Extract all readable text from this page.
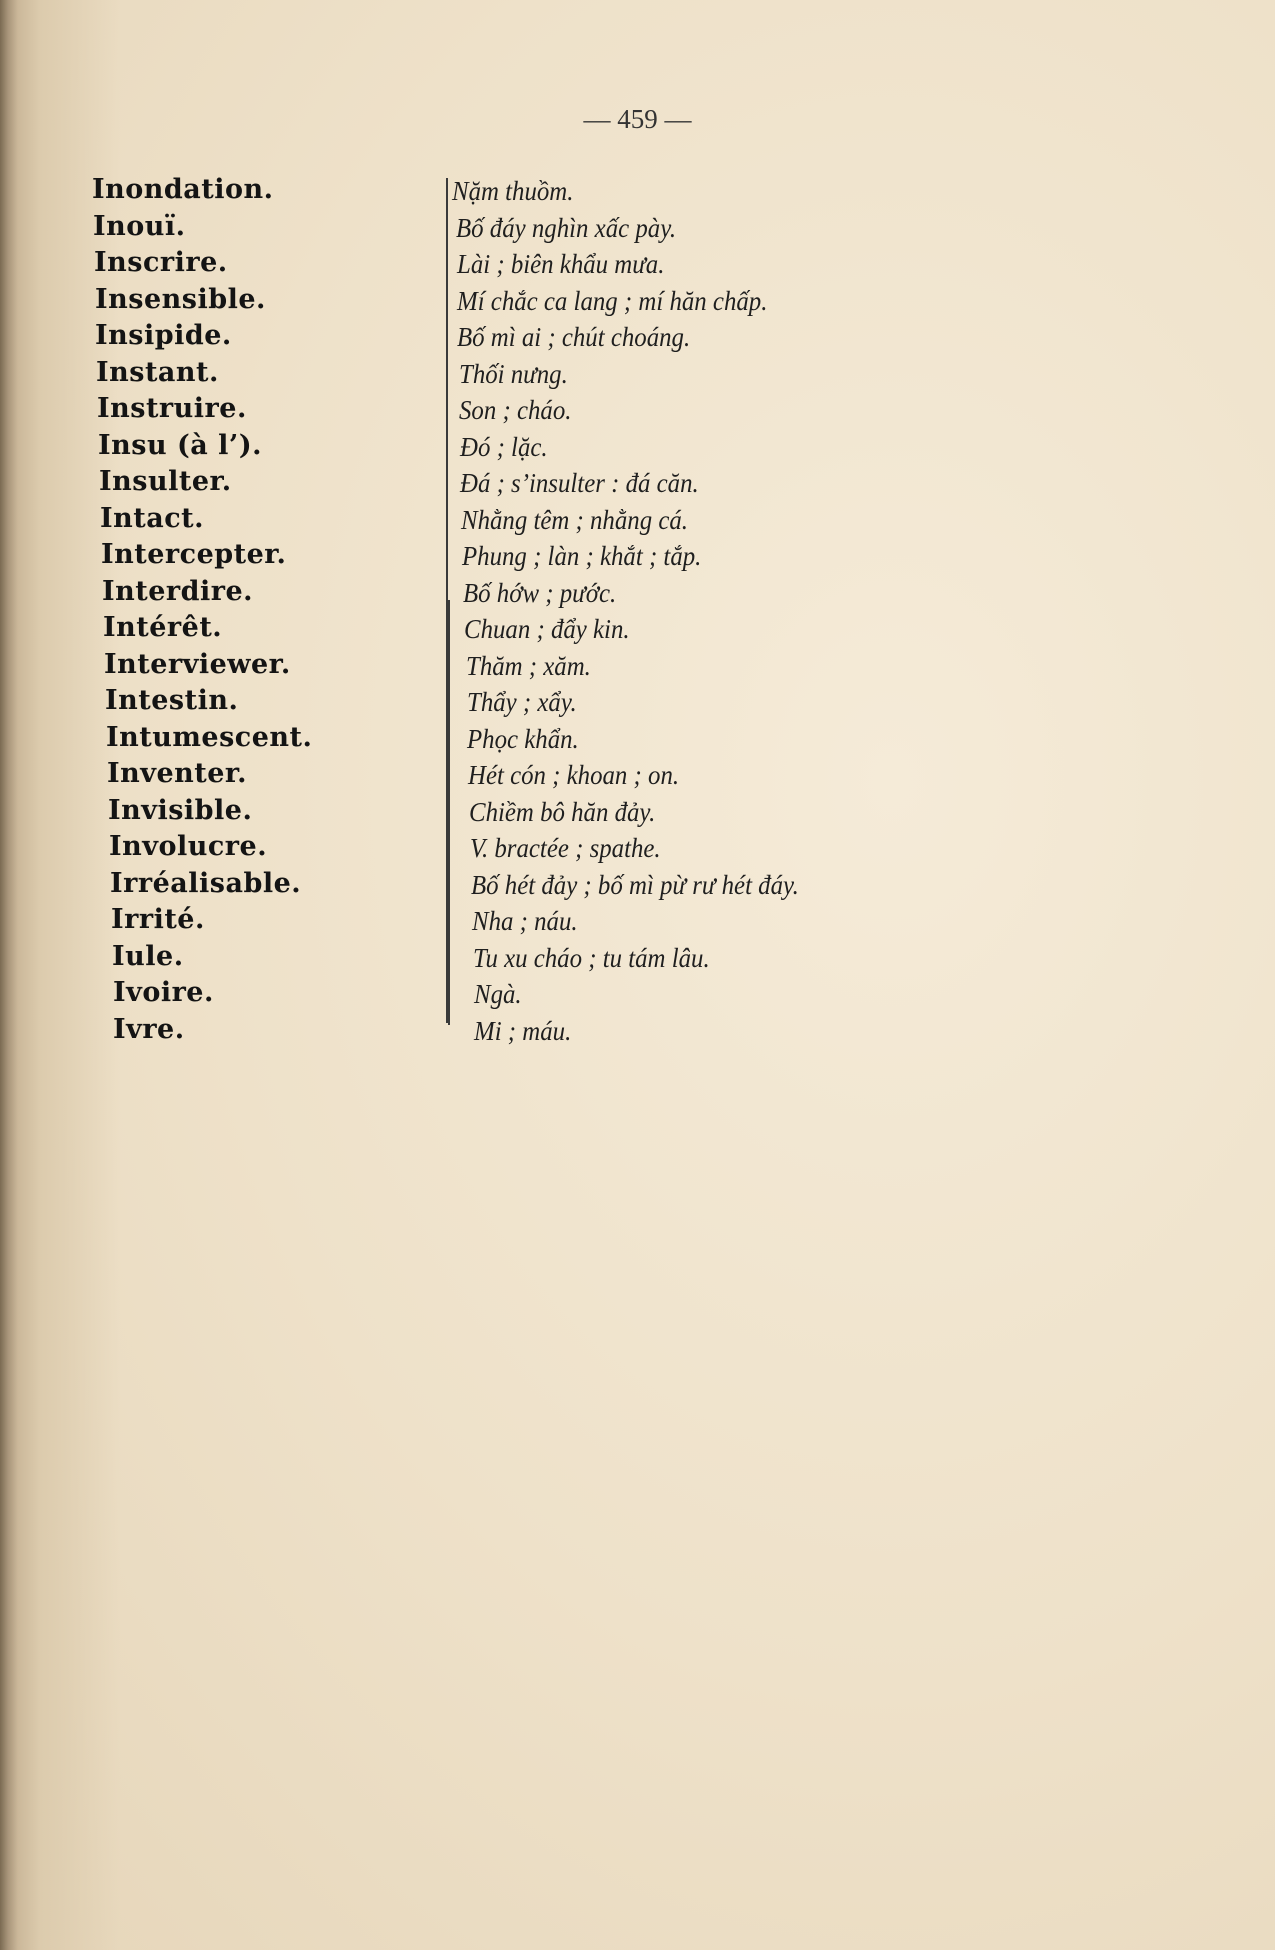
— 459 —
Inondation.	Nặm thuồm.
Inouï.	Bố đáy nghìn xấc pày.
Inscrire.	Lài ; biên khẩu mưa.
Insensible.	Mí chắc ca lang ; mí hăn chấp.
Insipide.	Bố mì ai ; chút choáng.
Instant.	Thối nưng.
Instruire.	Son ; cháo.
Insu (à l’).	Đó ; lặc.
Insulter.	Đá ; s’insulter : đá căn.
Intact.	Nhằng têm ; nhằng cá.
Intercepter.	Phung ; làn ; khắt ; tắp.
Interdire.	Bố hớw ; pước.
Intérêt.	Chuan ; đẩy kin.
Interviewer.	Thăm ; xăm.
Intestin.	Thẩy ; xẩy.
Intumescent.	Phọc khẩn.
Inventer.	Hét cón ; khoan ; on.
Invisible.	Chiềm bô hăn đảy.
Involucre.	V. bractée ; spathe.
Irréalisable.	Bố hét đảy ; bố mì pừ rư hét đáy.
Irrité.	Nha ; náu.
Iule.	Tu xu cháo ; tu tám lâu.
Ivoire.	Ngà.
Ivre.	Mi ; máu.
